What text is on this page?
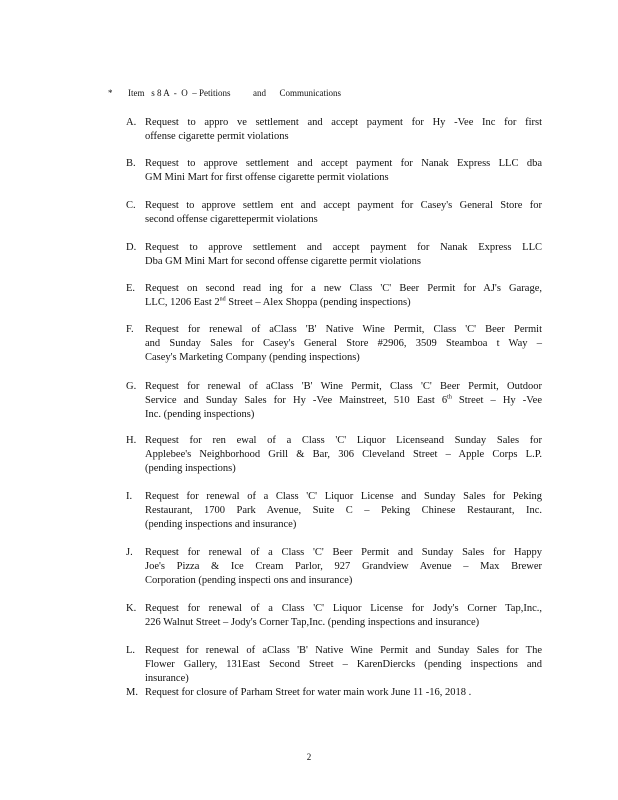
*

Item   s 8 A  -  O  – Petitions          and      Communications

A. Request to appro ve settlement and accept payment for Hy -Vee Inc for first
offense cigarette permit violations
B. Request to approve settlement and accept payment for Nanak Express LLC dba
GM Mini Mart for first offense cigarette permit violations
C. Request to approve settlem ent and accept payment for Casey's General Store for
second offense cigarettepermit violations
D. Request to approve settlement and accept payment for Nanak Express LLC
Dba GM Mini Mart for second offense cigarette permit violations
E. Request on second read ing for a new Class 'C' Beer Permit for AJ's Garage,
LLC, 1206 East 2nd Street – Alex Shoppa (pending inspections)
F. Request for renewal of aClass 'B' Native Wine Permit, Class 'C' Beer Permit
and Sunday Sales for Casey's General Store #2906, 3509 Steamboa t Way –
Casey's Marketing Company (pending inspections)
G. Request for renewal of aClass 'B' Wine Permit, Class 'C' Beer Permit, Outdoor
Service and Sunday Sales for Hy -Vee Mainstreet, 510 East 6th Street – Hy -Vee
Inc. (pending inspections)
H. Request for ren ewal of a Class 'C' Liquor Licenseand Sunday Sales for
Applebee's Neighborhood Grill & Bar, 306 Cleveland Street – Apple Corps L.P.
(pending inspections)
I. Request for renewal of a Class 'C' Liquor License and Sunday Sales for Peking
Restaurant, 1700 Park Avenue, Suite C – Peking Chinese Restaurant, Inc.
(pending inspections and insurance)
J. Request for renewal of a Class 'C' Beer Permit and Sunday Sales for Happy
Joe's Pizza & Ice Cream Parlor, 927 Grandview Avenue – Max Brewer
Corporation (pending inspecti ons and insurance)
K. Request for renewal of a Class 'C' Liquor License for Jody's Corner Tap,Inc.,
226 Walnut Street – Jody's Corner Tap,Inc. (pending inspections and insurance)
L. Request for renewal of aClass 'B' Native Wine Permit and Sunday Sales for The
Flower Gallery, 131East Second Street – KarenDiercks (pending inspections and
insurance)
M. Request for closure of Parham Street for water main work June 11 -16, 2018 .
2
